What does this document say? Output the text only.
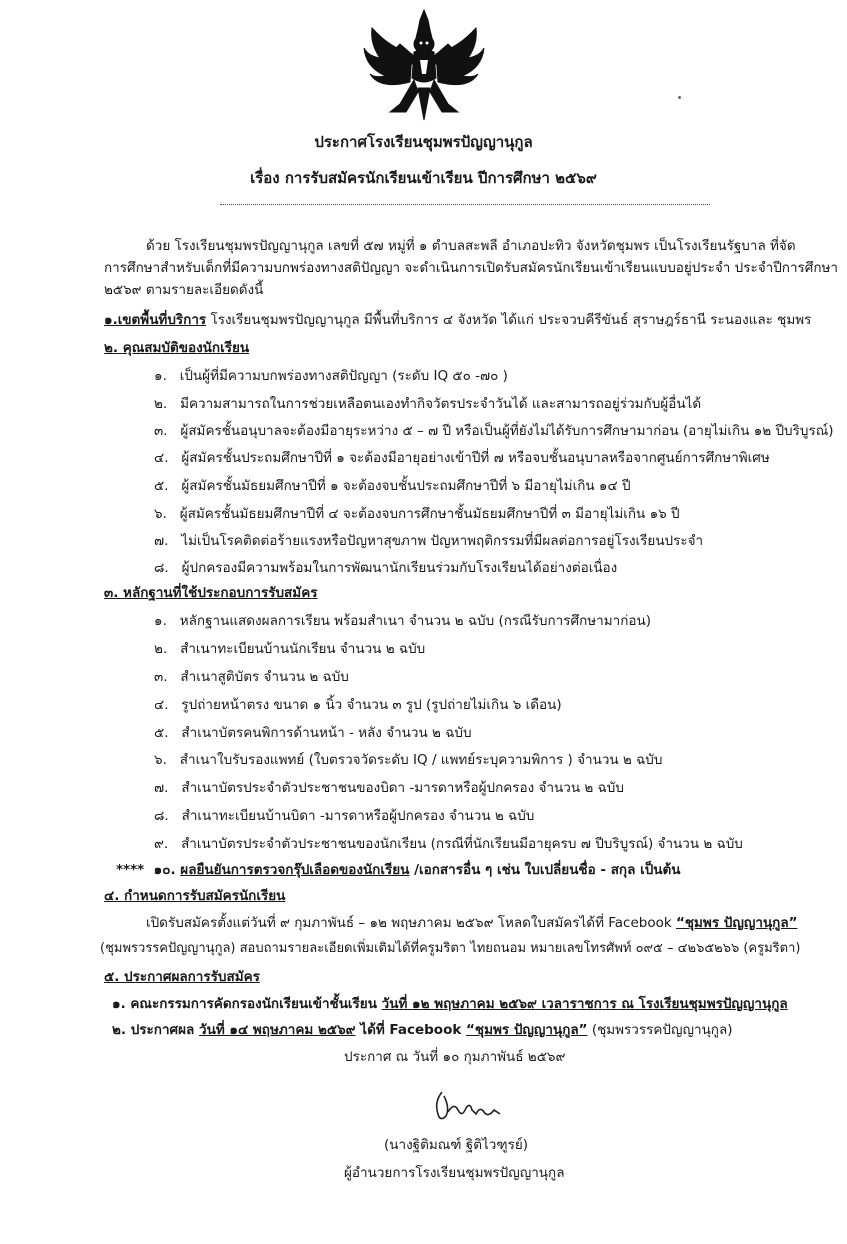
ประกาศโรงเรียนชุมพรปัญญานุกูล
เรื่อง การรับสมัครนักเรียนเข้าเรียน ปีการศึกษา ๒๕๖๙
ด้วย โรงเรียนชุมพรปัญญานุกูล เลขที่ ๕๗ หมู่ที่ ๑ ตำบลสะพลี อำเภอปะทิว จังหวัดชุมพร เป็นโรงเรียนรัฐบาล ที่จัด
การศึกษาสำหรับเด็กที่มีความบกพร่องทางสติปัญญา จะดำเนินการเปิดรับสมัครนักเรียนเข้าเรียนแบบอยู่ประจำ ประจำปีการศึกษา
๒๕๖๙ ตามรายละเอียดดังนี้
๑.เขตพื้นที่บริการ โรงเรียนชุมพรปัญญานุกูล มีพื้นที่บริการ ๔ จังหวัด ได้แก่ ประจวบคีรีขันธ์ สุราษฎร์ธานี ระนองและ ชุมพร
๒. คุณสมบัติของนักเรียน
๑. เป็นผู้ที่มีความบกพร่องทางสติปัญญา (ระดับ IQ ๕๐ -๗๐ )
๒. มีความสามารถในการช่วยเหลือตนเองทำกิจวัตรประจำวันได้ และสามารถอยู่ร่วมกับผู้อื่นได้
๓. ผู้สมัครชั้นอนุบาลจะต้องมีอายุระหว่าง ๕ – ๗ ปี หรือเป็นผู้ที่ยังไม่ได้รับการศึกษามาก่อน (อายุไม่เกิน ๑๒ ปีบริบูรณ์)
๔. ผู้สมัครชั้นประถมศึกษาปีที่ ๑ จะต้องมีอายุอย่างเข้าปีที่ ๗ หรือจบชั้นอนุบาลหรือจากศูนย์การศึกษาพิเศษ
๕. ผู้สมัครชั้นมัธยมศึกษาปีที่ ๑ จะต้องจบชั้นประถมศึกษาปีที่ ๖ มีอายุไม่เกิน ๑๔ ปี
๖. ผู้สมัครชั้นมัธยมศึกษาปีที่ ๔ จะต้องจบการศึกษาชั้นมัธยมศึกษาปีที่ ๓ มีอายุไม่เกิน ๑๖ ปี
๗. ไม่เป็นโรคติดต่อร้ายแรงหรือปัญหาสุขภาพ ปัญหาพฤติกรรมที่มีผลต่อการอยู่โรงเรียนประจำ
๘. ผู้ปกครองมีความพร้อมในการพัฒนานักเรียนร่วมกับโรงเรียนได้อย่างต่อเนื่อง
๓. หลักฐานที่ใช้ประกอบการรับสมัคร
๑. หลักฐานแสดงผลการเรียน พร้อมสำเนา จำนวน ๒ ฉบับ (กรณีรับการศึกษามาก่อน)
๒. สำเนาทะเบียนบ้านนักเรียน จำนวน ๒ ฉบับ
๓. สำเนาสูติบัตร จำนวน ๒ ฉบับ
๔. รูปถ่ายหน้าตรง ขนาด ๑ นิ้ว จำนวน ๓ รูป (รูปถ่ายไม่เกิน ๖ เดือน)
๕. สำเนาบัตรคนพิการด้านหน้า - หลัง จำนวน ๒ ฉบับ
๖. สำเนาใบรับรองแพทย์ (ใบตรวจวัดระดับ IQ / แพทย์ระบุความพิการ ) จำนวน ๒ ฉบับ
๗. สำเนาบัตรประจำตัวประชาชนของบิดา -มารดาหรือผู้ปกครอง จำนวน ๒ ฉบับ
๘. สำเนาทะเบียนบ้านบิดา -มารดาหรือผู้ปกครอง จำนวน ๒ ฉบับ
๙. สำเนาบัตรประจำตัวประชาชนของนักเรียน (กรณีที่นักเรียนมีอายุครบ ๗ ปีบริบูรณ์) จำนวน ๒ ฉบับ
**** ๑๐. ผลยืนยันการตรวจกรุ๊ปเลือดของนักเรียน /เอกสารอื่น ๆ เช่น ใบเปลี่ยนชื่อ - สกุล เป็นต้น
๔. กำหนดการรับสมัครนักเรียน
เปิดรับสมัครตั้งแต่วันที่ ๙ กุมภาพันธ์ – ๑๒ พฤษภาคม ๒๕๖๙ โหลดใบสมัครได้ที่ Facebook “ชุมพร ปัญญานุกูล”
(ชุมพรวรรคปัญญานุกูล) สอบถามรายละเอียดเพิ่มเติมได้ที่ครูมริตา ไทยถนอม หมายเลขโทรศัพท์ ๐๙๕ – ๔๒๖๕๒๖๖ (ครูมริตา)
๕. ประกาศผลการรับสมัคร
๑. คณะกรรมการคัดกรองนักเรียนเข้าชั้นเรียน วันที่ ๑๒ พฤษภาคม ๒๕๖๙ เวลาราชการ ณ โรงเรียนชุมพรปัญญานุกูล
๒. ประกาศผล วันที่ ๑๔ พฤษภาคม ๒๕๖๙ ได้ที่ Facebook “ชุมพร ปัญญานุกูล” (ชุมพรวรรคปัญญานุกูล)
ประกาศ ณ วันที่ ๑๐ กุมภาพันธ์ ๒๕๖๙
(นางฐิติมณฑ์ ฐิติไวฑูรย์)
ผู้อำนวยการโรงเรียนชุมพรปัญญานุกูล
